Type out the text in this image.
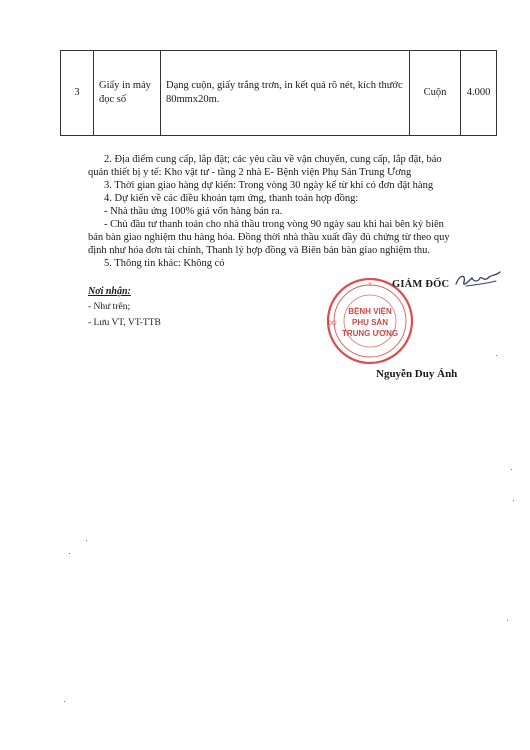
3	Giấy in máy đọc số	Dạng cuộn, giấy trắng trơn, in kết quả rõ nét, kích thước 80mmx20m.	Cuộn	4.000
2. Địa điểm cung cấp, lắp đặt; các yêu cầu về vận chuyển, cung cấp, lắp đặt, bảo
quản thiết bị y tế: Kho vật tư - tầng 2 nhà E- Bệnh viện Phụ Sản Trung Ương
3. Thời gian giao hàng dự kiến: Trong vòng 30 ngày kể từ khi có đơn đặt hàng
4. Dự kiến về các điều khoản tạm ứng, thanh toán hợp đồng:
- Nhà thầu ứng 100% giá vốn hàng bán ra.
- Chủ đầu tư thanh toán cho nhà thầu trong vòng 90 ngày sau khi hai bên ký biên
bản bàn giao nghiệm thu hàng hóa. Đồng thời nhà thầu xuất đầy đủ chứng từ theo quy
định như hóa đơn tài chính, Thanh lý hợp đồng và Biên bản bàn giao nghiệm thu.
5. Thông tin khác: Không có
Nơi nhận:
- Như trên;
- Lưu VT, VT-TTB
Y
ĐỘ
BỆNH VIỆN
PHỤ SẢN
TRUNG ƯƠNG
GIÁM ĐỐC
Nguyễn Duy Ánh
